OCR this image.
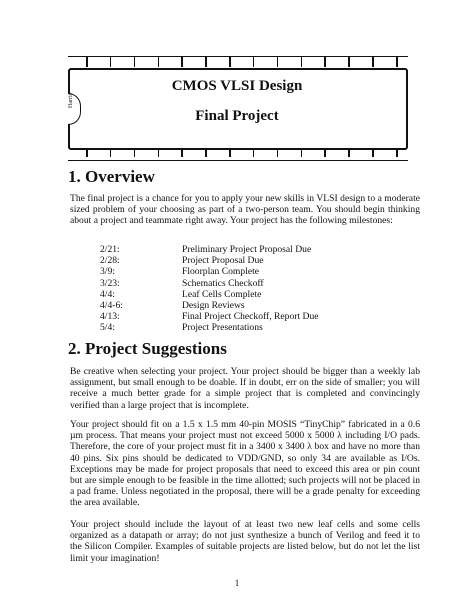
Harris
CMOS VLSI Design
Final Project
1. Overview

The final project is a chance for you to apply your new skills in VLSI design to a moderate sized problem of your choosing as part of a two-person team. You should begin thinking about a project and teammate right away. Your project has the following milestones:

2/21:	Preliminary Project Proposal Due
2/28:	Project Proposal Due
3/9:	Floorplan Complete
3/23:	Schematics Checkoff
4/4:	Leaf Cells Complete
4/4-6:	Design Reviews
4/13:	Final Project Checkoff, Report Due
5/4:	Project Presentations
2. Project Suggestions

Be creative when selecting your project. Your project should be bigger than a weekly lab assignment, but small enough to be doable. If in doubt, err on the side of smaller; you will receive a much better grade for a simple project that is completed and convincingly verified than a large project that is incomplete.

Your project should fit on a 1.5 x 1.5 mm 40-pin MOSIS “TinyChip” fabricated in a 0.6 µm process. That means your project must not exceed 5000 x 5000 λ including I/O pads. Therefore, the core of your project must fit in a 3400 x 3400 λ box and have no more than 40 pins. Six pins should be dedicated to VDD/GND, so only 34 are available as I/Os. Exceptions may be made for project proposals that need to exceed this area or pin count but are simple enough to be feasible in the time allotted; such projects will not be placed in a pad frame. Unless negotiated in the proposal, there will be a grade penalty for exceeding the area available.

Your project should include the layout of at least two new leaf cells and some cells organized as a datapath or array; do not just synthesize a bunch of Verilog and feed it to the Silicon Compiler. Examples of suitable projects are listed below, but do not let the list limit your imagination!

1
